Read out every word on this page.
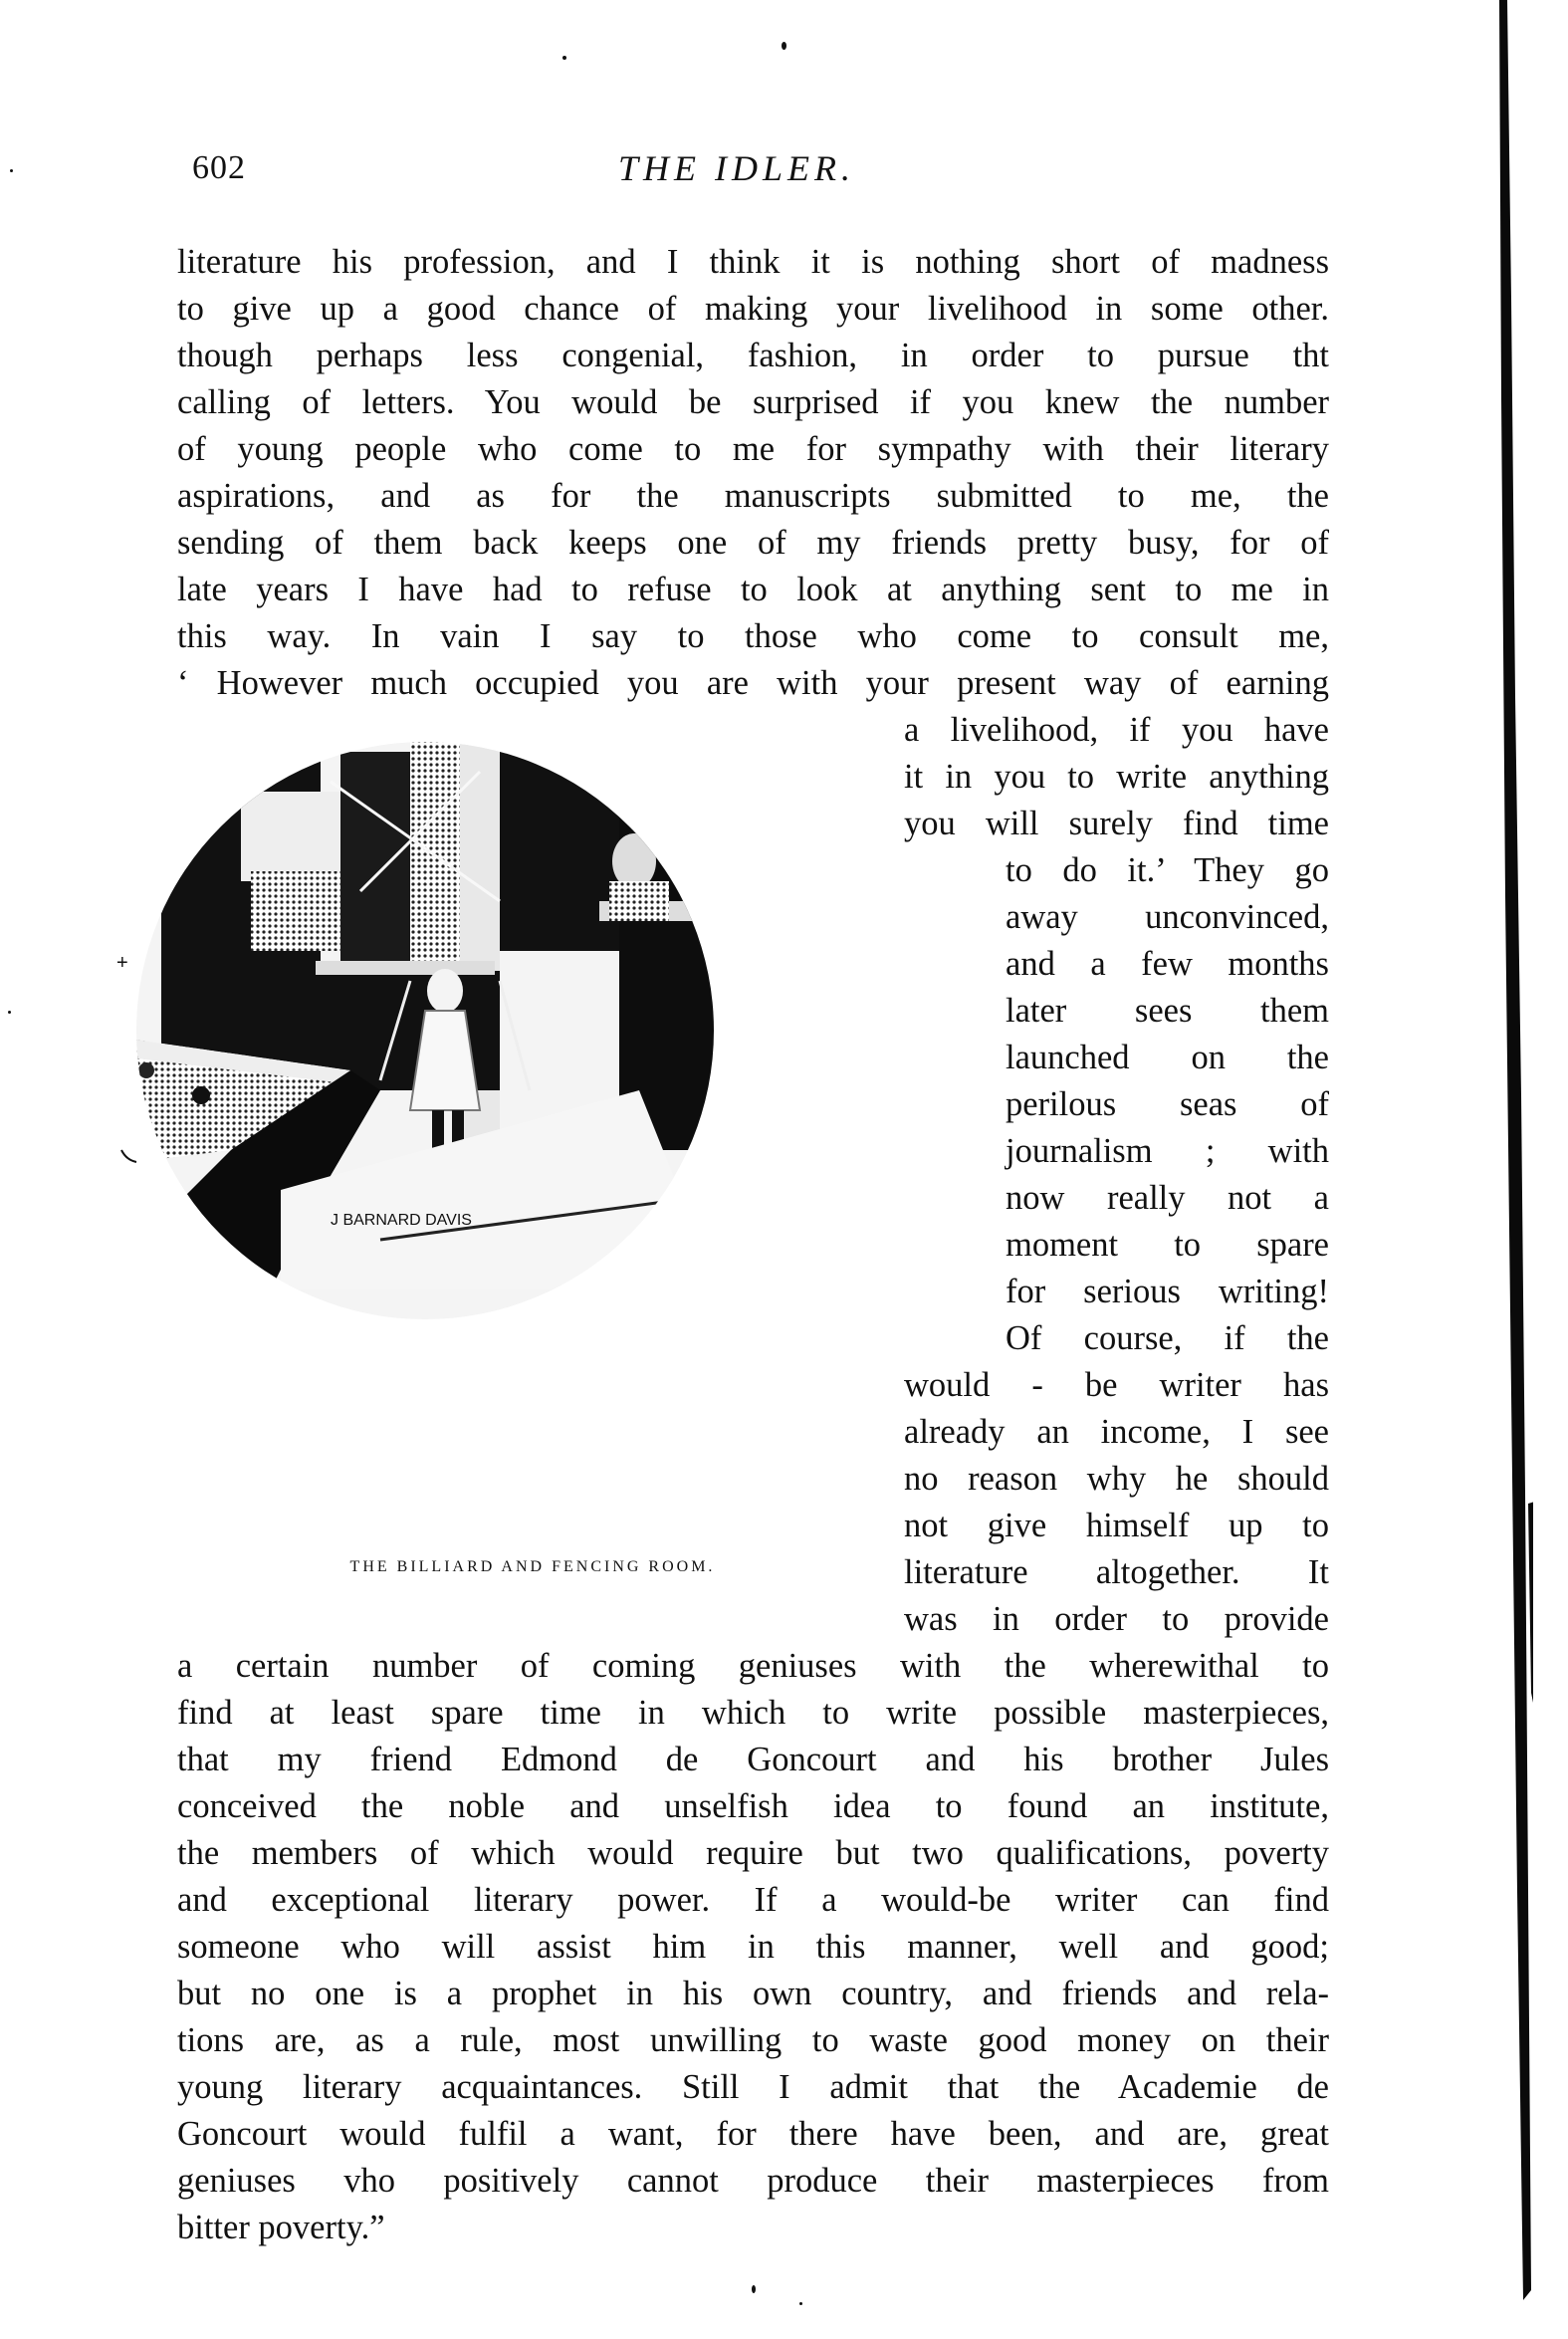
602	THE IDLER.
literature his profession, and I think it is nothing short of madness
to give up a good chance of making your livelihood in some other.
though perhaps less congenial, fashion, in order to pursue tht
calling of letters. You would be surprised if you knew the number
of young people who come to me for sympathy with their literary
aspirations, and as for the manuscripts submitted to me, the
sending of them back keeps one of my friends pretty busy, for of
late years I have had to refuse to look at anything sent to me in
this way. In vain I say to those who come to consult me,
‘ However much occupied you are with your present way of earning
a livelihood, if you have
it in you to write anything
you will surely find time
to do it.’ They go
away unconvinced,
and a few months
later sees them
launched on the
perilous seas of
journalism ; with
now really not a
moment to spare
for serious writing!
Of course, if the
would - be writer has
already an income, I see
no reason why he should
not give himself up to
literature altogether. It
was in order to provide
a certain number of coming geniuses with the wherewithal to
find at least spare time in which to write possible masterpieces,
that my friend Edmond de Goncourt and his brother Jules
conceived the noble and unselfish idea to found an institute,
the members of which would require but two qualifications, poverty
and exceptional literary power. If a would-be writer can find
someone who will assist him in this manner, well and good;
but no one is a prophet in his own country, and friends and rela-
tions are, as a rule, most unwilling to waste good money on their
young literary acquaintances. Still I admit that the Academie de
Goncourt would fulfil a want, for there have been, and are, great
geniuses vho positively cannot produce their masterpieces from
bitter poverty.”
J BARNARD DAVIS
+
THE BILLIARD AND FENCING ROOM.
